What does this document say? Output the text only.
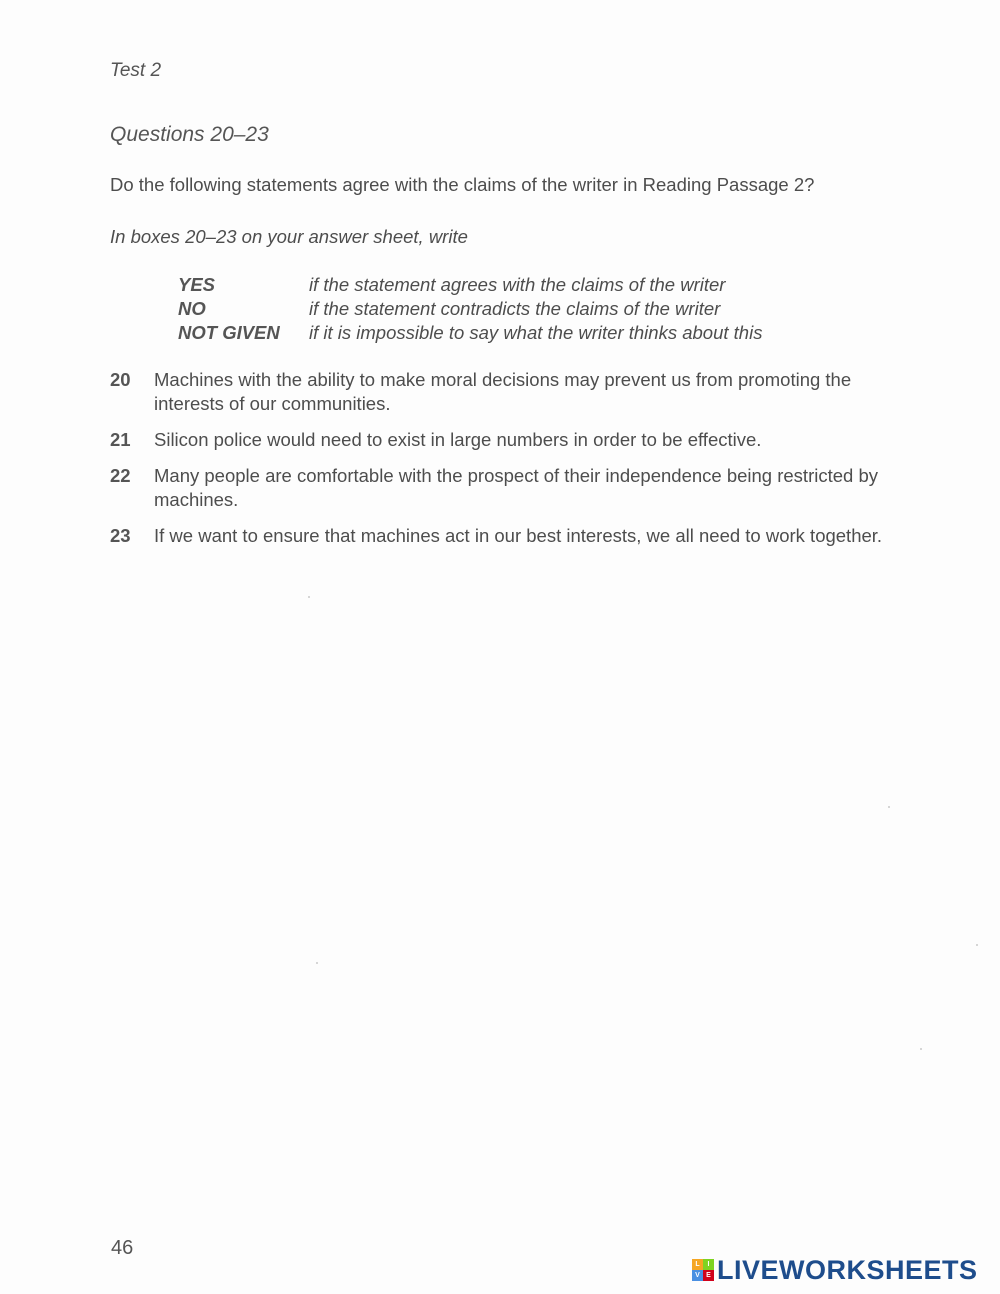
Test 2
Questions 20–23
Do the following statements agree with the claims of the writer in Reading Passage 2?
In boxes 20–23 on your answer sheet, write
YES	if the statement agrees with the claims of the writer
NO	if the statement contradicts the claims of the writer
NOT GIVEN	if it is impossible to say what the writer thinks about this
20	Machines with the ability to make moral decisions may prevent us from promoting the interests of our communities.
21	Silicon police would need to exist in large numbers in order to be effective.
22	Many people are comfortable with the prospect of their independence being restricted by machines.
23	If we want to ensure that machines act in our best interests, we all need to work together.
46
L	I
V E LIVEWORKSHEETS
